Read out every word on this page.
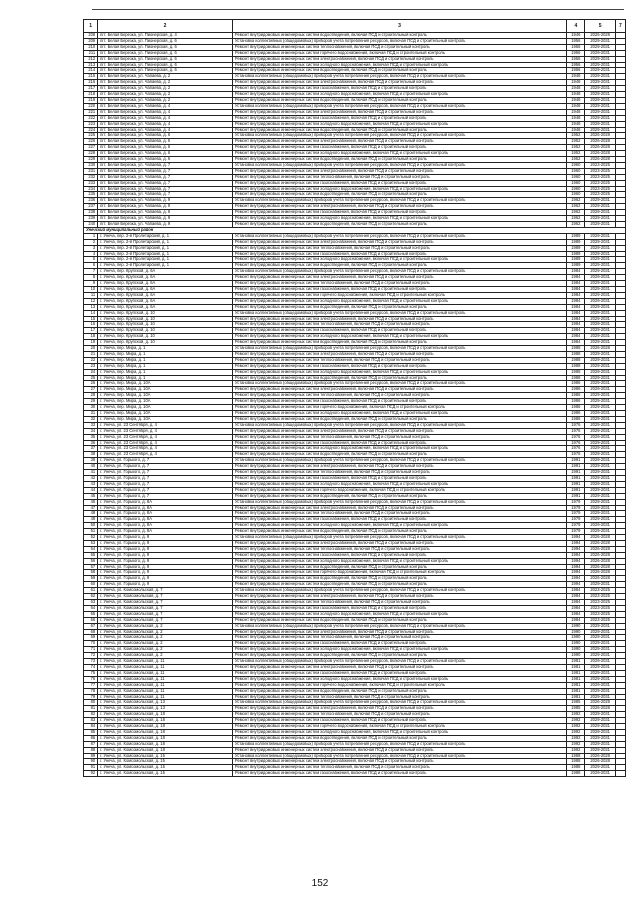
1	2	3	4	5	7
208	пгт. Белая Березка, ул. Пионерская, д. 4	Ремонт внутридомовых инженерных систем водоотведения, включая ПСД и строительный контроль	1946	2026-2028	
209	пгт. Белая Березка, ул. Пионерская, д. 6	Установка коллективных (общедомовых) приборов учета потребления ресурсов, включая ПСД и строительный контроль	1956	2029-2031	
210	пгт. Белая Березка, ул. Пионерская, д. 6	Ремонт внутридомовых инженерных систем теплоснабжения, включая ПСД и строительный контроль	1956	2029-2031	
211	пгт. Белая Березка, ул. Пионерская, д. 6	Ремонт внутридомовых инженерных систем горячего водоснабжения, включая ПСД и строительный контроль	1956	2029-2031	
212	пгт. Белая Березка, ул. Пионерская, д. 6	Ремонт внутридомовых инженерных систем электроснабжения, включая ПСД и строительный контроль	1956	2029-2031	
213	пгт. Белая Березка, ул. Пионерская, д. 6	Ремонт внутридомовых инженерных систем холодного водоснабжения, включая ПСД и строительный контроль	1956	2029-2031	
214	пгт. Белая Березка, ул. Пионерская, д. 6	Ремонт внутридомовых инженерных систем водоотведения, включая ПСД и строительный контроль	1956	2029-2031	
215	пгт. Белая Березка, ул. Чапаева, д. 2	Установка коллективных (общедомовых) приборов учета потребления ресурсов, включая ПСД и строительный контроль	1948	2029-2031	
216	пгт. Белая Березка, ул. Чапаева, д. 2	Ремонт внутридомовых инженерных систем электроснабжения, включая ПСД и строительный контроль	1948	2029-2031	
217	пгт. Белая Березка, ул. Чапаева, д. 2	Ремонт внутридомовых инженерных систем газоснабжения, включая ПСД и строительный контроль	1948	2029-2031	
218	пгт. Белая Березка, ул. Чапаева, д. 2	Ремонт внутридомовых инженерных систем холодного водоснабжения, включая ПСД и строительный контроль	1948	2029-2031	
219	пгт. Белая Березка, ул. Чапаева, д. 2	Ремонт внутридомовых инженерных систем водоотведения, включая ПСД и строительный контроль	1948	2029-2031	
220	пгт. Белая Березка, ул. Чапаева, д. 4	Установка коллективных (общедомовых) приборов учета потребления ресурсов, включая ПСД и строительный контроль	1948	2029-2031	
221	пгт. Белая Березка, ул. Чапаева, д. 4	Ремонт внутридомовых инженерных систем электроснабжения, включая ПСД и строительный контроль	1948	2029-2031	
222	пгт. Белая Березка, ул. Чапаева, д. 4	Ремонт внутридомовых инженерных систем газоснабжения, включая ПСД и строительный контроль	1948	2029-2031	
223	пгт. Белая Березка, ул. Чапаева, д. 4	Ремонт внутридомовых инженерных систем холодного водоснабжения, включая ПСД и строительный контроль	1948	2029-2031	
224	пгт. Белая Березка, ул. Чапаева, д. 4	Ремонт внутридомовых инженерных систем водоотведения, включая ПСД и строительный контроль	1948	2029-2031	
225	пгт. Белая Березка, ул. Чапаева, д. 6	Установка коллективных (общедомовых) приборов учета потребления ресурсов, включая ПСД и строительный контроль	1952	2026-2028	
226	пгт. Белая Березка, ул. Чапаева, д. 6	Ремонт внутридомовых инженерных систем электроснабжения, включая ПСД и строительный контроль	1952	2026-2028	
227	пгт. Белая Березка, ул. Чапаева, д. 6	Ремонт внутридомовых инженерных систем газоснабжения, включая ПСД и строительный контроль	1952	2026-2028	
228	пгт. Белая Березка, ул. Чапаева, д. 6	Ремонт внутридомовых инженерных систем холодного водоснабжения, включая ПСД и строительный контроль	1952	2026-2028	
229	пгт. Белая Березка, ул. Чапаева, д. 6	Ремонт внутридомовых инженерных систем водоотведения, включая ПСД и строительный контроль	1952	2026-2028	
230	пгт. Белая Березка, ул. Чапаева, д. 7	Установка коллективных (общедомовых) приборов учета потребления ресурсов, включая ПСД и строительный контроль	1960	2023-2025	
231	пгт. Белая Березка, ул. Чапаева, д. 7	Ремонт внутридомовых инженерных систем электроснабжения, включая ПСД и строительный контроль	1960	2023-2025	
232	пгт. Белая Березка, ул. Чапаева, д. 7	Ремонт внутридомовых инженерных систем теплоснабжения, включая ПСД и строительный контроль	1960	2023-2025	
233	пгт. Белая Березка, ул. Чапаева, д. 7	Ремонт внутридомовых инженерных систем газоснабжения, включая ПСД и строительный контроль	1960	2023-2025	
234	пгт. Белая Березка, ул. Чапаева, д. 7	Ремонт внутридомовых инженерных систем холодного водоснабжения, включая ПСД и строительный контроль	1960	2023-2025	
235	пгт. Белая Березка, ул. Чапаева, д. 7	Ремонт внутридомовых инженерных систем водоотведения, включая ПСД и строительный контроль	1960	2023-2025	
236	пгт. Белая Березка, ул. Чапаева, д. 9	Установка коллективных (общедомовых) приборов учета потребления ресурсов, включая ПСД и строительный контроль	1962	2029-2031	
237	пгт. Белая Березка, ул. Чапаева, д. 9	Ремонт внутридомовых инженерных систем электроснабжения, включая ПСД и строительный контроль	1962	2029-2031	
238	пгт. Белая Березка, ул. Чапаева, д. 9	Ремонт внутридомовых инженерных систем газоснабжения, включая ПСД и строительный контроль	1962	2029-2031	
239	пгт. Белая Березка, ул. Чапаева, д. 9	Ремонт внутридомовых инженерных систем холодного водоснабжения, включая ПСД и строительный контроль	1962	2029-2031	
240	пгт. Белая Березка, ул. Чапаева, д. 9	Ремонт внутридомовых инженерных систем водоотведения, включая ПСД и строительный контроль	1962	2029-2031	
Унечский муниципальный район					
1	г. Унеча, пер. 2-й Пролетарский, д. 1	Установка коллективных (общедомовых) приборов учета потребления ресурсов, включая ПСД и строительный контроль	1989	2029-2031	
2	г. Унеча, пер. 2-й Пролетарский, д. 1	Ремонт внутридомовых инженерных систем электроснабжения, включая ПСД и строительный контроль	1989	2029-2031	
3	г. Унеча, пер. 2-й Пролетарский, д. 1	Ремонт внутридомовых инженерных систем теплоснабжения, включая ПСД и строительный контроль	1989	2029-2031	
4	г. Унеча, пер. 2-й Пролетарский, д. 1	Ремонт внутридомовых инженерных систем газоснабжения, включая ПСД и строительный контроль	1989	2029-2031	
5	г. Унеча, пер. 2-й Пролетарский, д. 1	Ремонт внутридомовых инженерных систем холодного водоснабжения, включая ПСД и строительный контроль	1989	2029-2031	
6	г. Унеча, пер. 2-й Пролетарский, д. 1	Ремонт внутридомовых инженерных систем водоотведения, включая ПСД и строительный контроль	1989	2029-2031	
7	г. Унеча, пер. Крупской, д. 6А	Установка коллективных (общедомовых) приборов учета потребления ресурсов, включая ПСД и строительный контроль	1984	2029-2031	
8	г. Унеча, пер. Крупской, д. 6А	Ремонт внутридомовых инженерных систем электроснабжения, включая ПСД и строительный контроль	1984	2029-2031	
9	г. Унеча, пер. Крупской, д. 6А	Ремонт внутридомовых инженерных систем теплоснабжения, включая ПСД и строительный контроль	1984	2029-2031	
10	г. Унеча, пер. Крупской, д. 6А	Ремонт внутридомовых инженерных систем газоснабжения, включая ПСД и строительный контроль	1984	2029-2031	
11	г. Унеча, пер. Крупской, д. 6А	Ремонт внутридомовых инженерных систем горячего водоснабжения, включая ПСД и строительный контроль	1984	2029-2031	
12	г. Унеча, пер. Крупской, д. 6А	Ремонт внутридомовых инженерных систем холодного водоснабжения, включая ПСД и строительный контроль	1984	2029-2031	
13	г. Унеча, пер. Крупской, д. 6А	Ремонт внутридомовых инженерных систем водоотведения, включая ПСД и строительный контроль	1984	2029-2031	
14	г. Унеча, пер. Крупской, д. 10	Установка коллективных (общедомовых) приборов учета потребления ресурсов, включая ПСД и строительный контроль	1984	2029-2031	
15	г. Унеча, пер. Крупской, д. 10	Ремонт внутридомовых инженерных систем электроснабжения, включая ПСД и строительный контроль	1984	2029-2031	
16	г. Унеча, пер. Крупской, д. 10	Ремонт внутридомовых инженерных систем теплоснабжения, включая ПСД и строительный контроль	1984	2029-2031	
17	г. Унеча, пер. Крупской, д. 10	Ремонт внутридомовых инженерных систем газоснабжения, включая ПСД и строительный контроль	1984	2029-2031	
18	г. Унеча, пер. Крупской, д. 10	Ремонт внутридомовых инженерных систем холодного водоснабжения, включая ПСД и строительный контроль	1984	2029-2031	
19	г. Унеча, пер. Крупской, д. 10	Ремонт внутридомовых инженерных систем водоотведения, включая ПСД и строительный контроль	1984	2029-2031	
20	г. Унеча, пер. Мира, д. 1	Установка коллективных (общедомовых) приборов учета потребления ресурсов, включая ПСД и строительный контроль	1988	2026-2028	
21	г. Унеча, пер. Мира, д. 1	Ремонт внутридомовых инженерных систем электроснабжения, включая ПСД и строительный контроль	1988	2029-2031	
22	г. Унеча, пер. Мира, д. 1	Ремонт внутридомовых инженерных систем теплоснабжения, включая ПСД и строительный контроль	1988	2029-2031	
23	г. Унеча, пер. Мира, д. 1	Ремонт внутридомовых инженерных систем газоснабжения, включая ПСД и строительный контроль	1988	2029-2031	
24	г. Унеча, пер. Мира, д. 1	Ремонт внутридомовых инженерных систем холодного водоснабжения, включая ПСД и строительный контроль	1988	2029-2031	
25	г. Унеча, пер. Мира, д. 1	Ремонт внутридомовых инженерных систем водоотведения, включая ПСД и строительный контроль	1988	2029-2031	
26	г. Унеча, пер. Мира, д. 10А	Установка коллективных (общедомовых) приборов учета потребления ресурсов, включая ПСД и строительный контроль	1986	2029-2031	
27	г. Унеча, пер. Мира, д. 10А	Ремонт внутридомовых инженерных систем электроснабжения, включая ПСД и строительный контроль	1986	2029-2031	
28	г. Унеча, пер. Мира, д. 10А	Ремонт внутридомовых инженерных систем теплоснабжения, включая ПСД и строительный контроль	1986	2029-2031	
29	г. Унеча, пер. Мира, д. 10А	Ремонт внутридомовых инженерных систем газоснабжения, включая ПСД и строительный контроль	1986	2029-2031	
30	г. Унеча, пер. Мира, д. 10А	Ремонт внутридомовых инженерных систем горячего водоснабжения, включая ПСД и строительный контроль	1986	2029-2031	
31	г. Унеча, пер. Мира, д. 10А	Ремонт внутридомовых инженерных систем холодного водоснабжения, включая ПСД и строительный контроль	1986	2029-2031	
32	г. Унеча, пер. Мира, д. 10А	Ремонт внутридомовых инженерных систем водоотведения, включая ПСД и строительный контроль	1986	2029-2031	
33	г. Унеча, ул. 23 Сентября, д. 4	Установка коллективных (общедомовых) приборов учета потребления ресурсов, включая ПСД и строительный контроль	1976	2029-2031	
34	г. Унеча, ул. 23 Сентября, д. 4	Ремонт внутридомовых инженерных систем электроснабжения, включая ПСД и строительный контроль	1976	2029-2031	
35	г. Унеча, ул. 23 Сентября, д. 4	Ремонт внутридомовых инженерных систем теплоснабжения, включая ПСД и строительный контроль	1976	2029-2031	
36	г. Унеча, ул. 23 Сентября, д. 4	Ремонт внутридомовых инженерных систем газоснабжения, включая ПСД и строительный контроль	1976	2029-2031	
37	г. Унеча, ул. 23 Сентября, д. 4	Ремонт внутридомовых инженерных систем холодного водоснабжения, включая ПСД и строительный контроль	1976	2029-2031	
38	г. Унеча, ул. 23 Сентября, д. 4	Ремонт внутридомовых инженерных систем водоотведения, включая ПСД и строительный контроль	1976	2029-2031	
39	г. Унеча, ул. Горького, д. 7	Установка коллективных (общедомовых) приборов учета потребления ресурсов, включая ПСД и строительный контроль	1991	2029-2031	
40	г. Унеча, ул. Горького, д. 7	Ремонт внутридомовых инженерных систем электроснабжения, включая ПСД и строительный контроль	1991	2029-2031	
41	г. Унеча, ул. Горького, д. 7	Ремонт внутридомовых инженерных систем теплоснабжения, включая ПСД и строительный контроль	1991	2029-2031	
42	г. Унеча, ул. Горького, д. 7	Ремонт внутридомовых инженерных систем газоснабжения, включая ПСД и строительный контроль	1991	2029-2031	
43	г. Унеча, ул. Горького, д. 7	Ремонт внутридомовых инженерных систем холодного водоснабжения, включая ПСД и строительный контроль	1991	2029-2031	
44	г. Унеча, ул. Горького, д. 7	Ремонт внутридомовых инженерных систем горячего водоснабжения, включая ПСД и строительный контроль	1991	2029-2031	
45	г. Унеча, ул. Горького, д. 7	Ремонт внутридомовых инженерных систем водоотведения, включая ПСД и строительный контроль	1991	2029-2031	
46	г. Унеча, ул. Горького, д. 8А	Установка коллективных (общедомовых) приборов учета потребления ресурсов, включая ПСД и строительный контроль	1979	2029-2031	
47	г. Унеча, ул. Горького, д. 8А	Ремонт внутридомовых инженерных систем электроснабжения, включая ПСД и строительный контроль	1979	2029-2031	
48	г. Унеча, ул. Горького, д. 8А	Ремонт внутридомовых инженерных систем теплоснабжения, включая ПСД и строительный контроль	1979	2029-2031	
49	г. Унеча, ул. Горького, д. 8А	Ремонт внутридомовых инженерных систем газоснабжения, включая ПСД и строительный контроль	1979	2029-2031	
50	г. Унеча, ул. Горького, д. 8А	Ремонт внутридомовых инженерных систем холодного водоснабжения, включая ПСД и строительный контроль	1979	2029-2031	
51	г. Унеча, ул. Горького, д. 8А	Ремонт внутридомовых инженерных систем водоотведения, включая ПСД и строительный контроль	1979	2029-2031	
52	г. Унеча, ул. Горького, д. 9	Установка коллективных (общедомовых) приборов учета потребления ресурсов, включая ПСД и строительный контроль	1994	2026-2028	
53	г. Унеча, ул. Горького, д. 9	Ремонт внутридомовых инженерных систем электроснабжения, включая ПСД и строительный контроль	1994	2026-2028	
54	г. Унеча, ул. Горького, д. 9	Ремонт внутридомовых инженерных систем теплоснабжения, включая ПСД и строительный контроль	1994	2026-2028	
55	г. Унеча, ул. Горького, д. 9	Ремонт внутридомовых инженерных систем газоснабжения, включая ПСД и строительный контроль	1994	2026-2028	
56	г. Унеча, ул. Горького, д. 9	Ремонт внутридомовых инженерных систем холодного водоснабжения, включая ПСД и строительный контроль	1994	2026-2028	
57	г. Унеча, ул. Горького, д. 9	Ремонт внутридомовых инженерных систем водоотведения, включая ПСД и строительный контроль	1994	2026-2028	
58	г. Унеча, ул. Горького, д. 9	Ремонт внутридомовых инженерных систем горячего водоснабжения, включая ПСД и строительный контроль	1994	2026-2028	
59	г. Унеча, ул. Горького, д. 9	Ремонт внутридомовых инженерных систем водоотведения, включая ПСД и строительный контроль	1994	2026-2028	
60	г. Унеча, ул. Горького, д. 9	Ремонт внутридомовых инженерных систем водоотведения, включая ПСД и строительный контроль	1994	2029-2031	
61	г. Унеча, ул. Комсомольская, д. 7	Установка коллективных (общедомовых) приборов учета потребления ресурсов, включая ПСД и строительный контроль	1984	2023-2025	
62	г. Унеча, ул. Комсомольская, д. 7	Ремонт внутридомовых инженерных систем электроснабжения, включая ПСД и строительный контроль	1984	2023-2025	
63	г. Унеча, ул. Комсомольская, д. 7	Ремонт внутридомовых инженерных систем теплоснабжения, включая ПСД и строительный контроль	1984	2023-2025	
64	г. Унеча, ул. Комсомольская, д. 7	Ремонт внутридомовых инженерных систем газоснабжения, включая ПСД и строительный контроль	1984	2023-2025	
65	г. Унеча, ул. Комсомольская, д. 7	Ремонт внутридомовых инженерных систем холодного водоснабжения, включая ПСД и строительный контроль	1984	2023-2025	
66	г. Унеча, ул. Комсомольская, д. 7	Ремонт внутридомовых инженерных систем водоотведения, включая ПСД и строительный контроль	1984	2023-2025	
67	г. Унеча, ул. Комсомольская, д. 2	Установка коллективных (общедомовых) приборов учета потребления ресурсов, включая ПСД и строительный контроль	1990	2029-2031	
68	г. Унеча, ул. Комсомольская, д. 2	Ремонт внутридомовых инженерных систем электроснабжения, включая ПСД и строительный контроль	1990	2029-2031	
69	г. Унеча, ул. Комсомольская, д. 2	Ремонт внутридомовых инженерных систем теплоснабжения, включая ПСД и строительный контроль	1990	2029-2031	
70	г. Унеча, ул. Комсомольская, д. 2	Ремонт внутридомовых инженерных систем газоснабжения, включая ПСД и строительный контроль	1990	2029-2031	
71	г. Унеча, ул. Комсомольская, д. 2	Ремонт внутридомовых инженерных систем холодного водоснабжения, включая ПСД и строительный контроль	1990	2029-2031	
72	г. Унеча, ул. Комсомольская, д. 2	Ремонт внутридомовых инженерных систем водоотведения, включая ПСД и строительный контроль	1990	2029-2031	
73	г. Унеча, ул. Комсомольская, д. 11	Установка коллективных (общедомовых) приборов учета потребления ресурсов, включая ПСД и строительный контроль	1981	2029-2031	
74	г. Унеча, ул. Комсомольская, д. 11	Ремонт внутридомовых инженерных систем электроснабжения, включая ПСД и строительный контроль	1981	2029-2031	
75	г. Унеча, ул. Комсомольская, д. 11	Ремонт внутридомовых инженерных систем газоснабжения, включая ПСД и строительный контроль	1981	2029-2031	
76	г. Унеча, ул. Комсомольская, д. 11	Ремонт внутридомовых инженерных систем холодного водоснабжения, включая ПСД и строительный контроль	1981	2029-2031	
77	г. Унеча, ул. Комсомольская, д. 11	Ремонт внутридомовых инженерных систем горячего водоснабжения, включая ПСД и строительный контроль	1981	2029-2031	
78	г. Унеча, ул. Комсомольская, д. 11	Ремонт внутридомовых инженерных систем водоотведения, включая ПСД и строительный контроль	1981	2029-2031	
79	г. Унеча, ул. Комсомольская, д. 11	Ремонт внутридомовых инженерных систем теплоснабжения, включая ПСД и строительный контроль	1981	2029-2031	
80	г. Унеча, ул. Комсомольская, д. 13	Установка коллективных (общедомовых) приборов учета потребления ресурсов, включая ПСД и строительный контроль	1985	2026-2028	
81	г. Унеча, ул. Комсомольская, д. 13	Ремонт внутридомовых инженерных систем электроснабжения, включая ПСД и строительный контроль	1985	2026-2028	
82	г. Унеча, ул. Комсомольская, д. 18	Ремонт внутридомовых инженерных систем теплоснабжения, включая ПСД и строительный контроль	1992	2029-2031	
83	г. Унеча, ул. Комсомольская, д. 18	Ремонт внутридомовых инженерных систем газоснабжения, включая ПСД и строительный контроль	1992	2029-2031	
84	г. Унеча, ул. Комсомольская, д. 18	Ремонт внутридомовых инженерных систем горячего водоснабжения, включая ПСД и строительный контроль	1992	2029-2031	
85	г. Унеча, ул. Комсомольская, д. 18	Ремонт внутридомовых инженерных систем холодного водоснабжения, включая ПСД и строительный контроль	1992	2029-2031	
86	г. Унеча, ул. Комсомольская, д. 18	Ремонт внутридомовых инженерных систем водоотведения, включая ПСД и строительный контроль	1992	2029-2031	
87	г. Унеча, ул. Комсомольская, д. 18	Установка коллективных (общедомовых) приборов учета потребления ресурсов, включая ПСД и строительный контроль	1992	2029-2031	
88	г. Унеча, ул. Комсомольская, д. 18	Ремонт внутридомовых инженерных систем электроснабжения, включая ПСД и строительный контроль	1992	2029-2031	
89	г. Унеча, ул. Комсомольская, д. 15	Установка коллективных (общедомовых) приборов учета потребления ресурсов, включая ПСД и строительный контроль	1988	2026-2028	
90	г. Унеча, ул. Комсомольская, д. 15	Ремонт внутридомовых инженерных систем электроснабжения, включая ПСД и строительный контроль	1988	2026-2028	
91	г. Унеча, ул. Комсомольская, д. 15	Ремонт внутридомовых инженерных систем теплоснабжения, включая ПСД и строительный контроль	1988	2029-2031	
92	г. Унеча, ул. Комсомольская, д. 15	Ремонт внутридомовых инженерных систем газоснабжения, включая ПСД и строительный контроль	1988	2029-2031	
152
